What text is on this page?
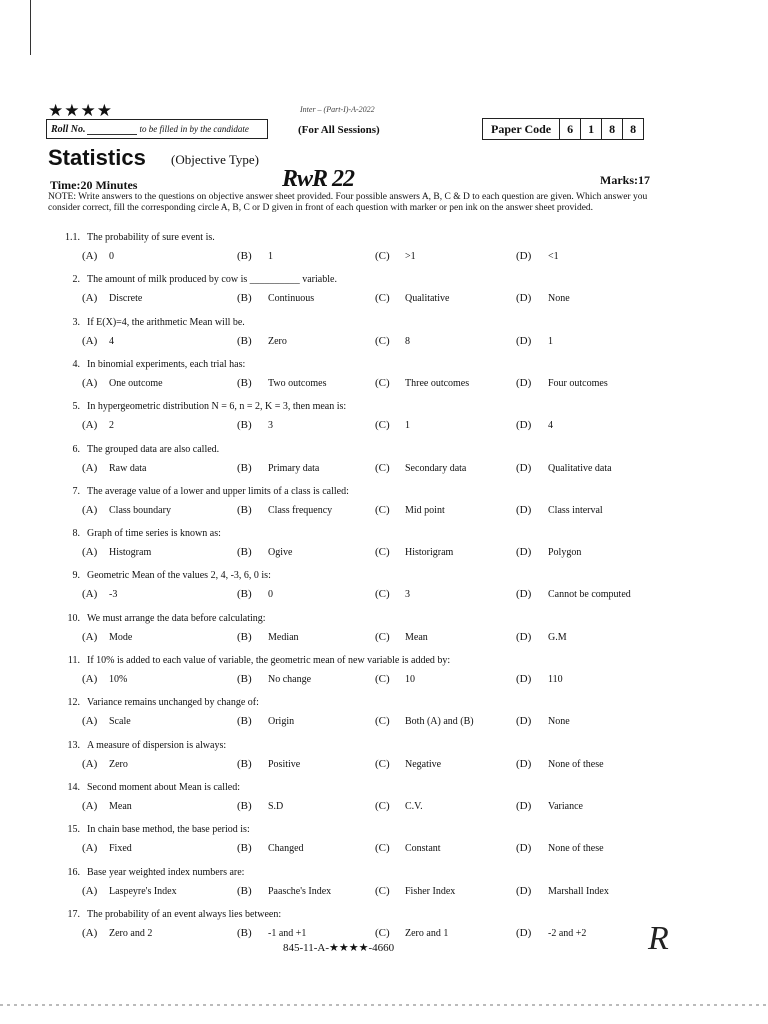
★★★★	Inter – (Part-I)-A-2022
Roll No.	to be filled in by the candidate	(For All Sessions)	Paper Code	6	1	8	8
Statistics (Objective Type)
RwR 22
Time:20 Minutes	Marks:17
NOTE: Write answers to the questions on objective answer sheet provided. Four possible answers A, B, C & D to each question are given. Which answer you consider correct, fill the corresponding circle A, B, C or D given in front of each question with marker or pen ink on the answer sheet provided.
1.1. The probability of sure event is.
(A) 0	(B) 1	(C) >1	(D) <1
2. The amount of milk produced by cow is __________ variable.
(A) Discrete	(B) Continuous	(C) Qualitative	(D) None
3. If E(X)=4, the arithmetic Mean will be.
(A) 4	(B) Zero	(C) 8	(D) 1
4. In binomial experiments, each trial has:
(A) One outcome	(B) Two outcomes	(C) Three outcomes	(D) Four outcomes
5. In hypergeometric distribution N = 6, n = 2, K = 3, then mean is:
(A) 2	(B) 3	(C) 1	(D) 4
6. The grouped data are also called.
(A) Raw data	(B) Primary data	(C) Secondary data	(D) Qualitative data
7. The average value of a lower and upper limits of a class is called:
(A) Class boundary	(B) Class frequency	(C) Mid point	(D) Class interval
8. Graph of time series is known as:
(A) Histogram	(B) Ogive	(C) Historigram	(D) Polygon
9. Geometric Mean of the values 2, 4, -3, 6, 0 is:
(A) -3	(B) 0	(C) 3	(D) Cannot be computed
10. We must arrange the data before calculating:
(A) Mode	(B) Median	(C) Mean	(D) G.M
11. If 10% is added to each value of variable, the geometric mean of new variable is added by:
(A) 10%	(B) No change	(C) 10	(D) 110
12. Variance remains unchanged by change of:
(A) Scale	(B) Origin	(C) Both (A) and (B)	(D) None
13. A measure of dispersion is always:
(A) Zero	(B) Positive	(C) Negative	(D) None of these
14. Second moment about Mean is called:
(A) Mean	(B) S.D	(C) C.V.	(D) Variance
15. In chain base method, the base period is:
(A) Fixed	(B) Changed	(C) Constant	(D) None of these
16. Base year weighted index numbers are:
(A) Laspeyre's Index	(B) Paasche's Index	(C) Fisher Index	(D) Marshall Index
17. The probability of an event always lies between:
(A) Zero and 2	(B) -1 and +1	(C) Zero and 1	(D) -2 and +2
845-11-A-★★★★-4660	R
